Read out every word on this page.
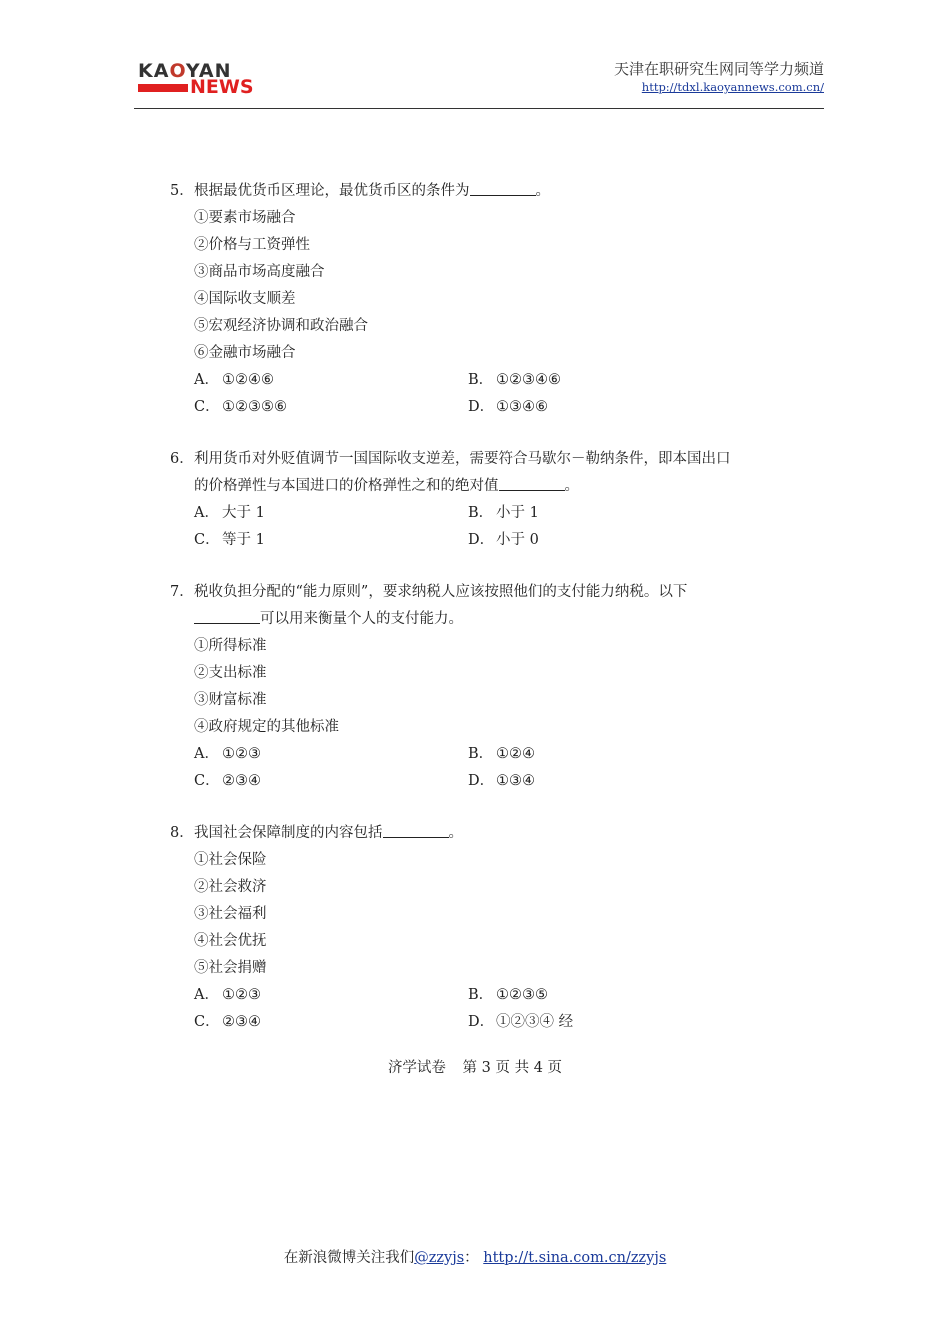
KAOYAN
NEWS
天津在职研究生网同等学力频道
http://tdxl.kaoyannews.com.cn/
5． 根据最优货币区理论，最优货币区的条件为	。
①要素市场融合
②价格与工资弹性
③商品市场高度融合
④国际收支顺差
⑤宏观经济协调和政治融合
⑥金融市场融合
A． ①②④⑥	B． ①②③④⑥
C． ①②③⑤⑥	D． ①③④⑥
6． 利用货币对外贬值调节一国国际收支逆差，需要符合马歇尔－勒纳条件，即本国出口
的价格弹性与本国进口的价格弹性之和的绝对值	。
A． 大于 1	B． 小于 1
C． 等于 1	D． 小于 0
7． 税收负担分配的“能力原则”，要求纳税人应该按照他们的支付能力纳税。以下
可以用来衡量个人的支付能力。
①所得标准
②支出标准
③财富标准
④政府规定的其他标准
A． ①②③	B． ①②④
C． ②③④	D． ①③④
8． 我国社会保障制度的内容包括	。
①社会保险
②社会救济
③社会福利
④社会优抚
⑤社会捐赠
A． ①②③	B． ①②③⑤
C． ②③④	D． ①②③④ 经
济学试卷 第 3 页 共 4 页
在新浪微博关注我们@zzyjs： http://t.sina.com.cn/zzyjs
